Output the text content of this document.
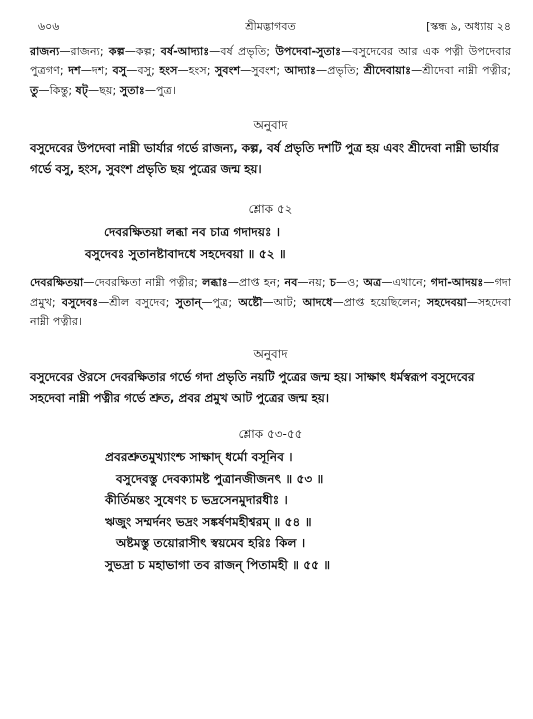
৬০৬	শ্রীমদ্ভাগবত	[স্কন্ধ ৯, অধ্যায় ২৪

রাজন্য—রাজন্য; কল্প—কল্প; বর্ষ-আদ্যাঃ—বর্ষ প্রভৃতি; উপদেবা-সুতাঃ—বসুদেবের আর এক পত্নী উপদেবার পুত্রগণ; দশ—দশ; বসু—বসু; হংস—হংস; সুবংশ—সুবংশ; আদ্যাঃ—প্রভৃতি; শ্রীদেবায়াঃ—শ্রীদেবা নাম্নী পত্নীর; তু—কিন্তু; ষট্—ছয়; সুতাঃ—পুত্র।

অনুবাদ

বসুদেবের উপদেবা নাম্নী ভার্যার গর্ভে রাজন্য, কল্প, বর্ষ প্রভৃতি দশটি পুত্র হয় এবং শ্রীদেবা নাম্নী ভার্যার গর্ভে বসু, হংস, সুবংশ প্রভৃতি ছয় পুত্রের জন্ম হয়।

শ্লোক ৫২

দেবরক্ষিতয়া লব্ধা নব চাত্র গদাদয়ঃ ।
বসুদেবঃ সুতানষ্টাবাদধে সহদেবয়া ॥ ৫২ ॥

দেবরক্ষিতয়া—দেবরক্ষিতা নাম্নী পত্নীর; লব্ধাঃ—প্রাপ্ত হন; নব—নয়; চ—ও; অত্র—এখানে; গদা-আদয়ঃ—গদা প্রমুখ; বসুদেবঃ—শ্রীল বসুদেব; সুতান্—পুত্র; অষ্টৌ—আট; আদধে—প্রাপ্ত হয়েছিলেন; সহদেবয়া—সহদেবা নাম্নী পত্নীর।

অনুবাদ

বসুদেবের ঔরসে দেবরক্ষিতার গর্ভে গদা প্রভৃতি নয়টি পুত্রের জন্ম হয়। সাক্ষাৎ ধর্মস্বরূপ বসুদেবের সহদেবা নাম্নী পত্নীর গর্ভে শ্রুত, প্রবর প্রমুখ আট পুত্রের জন্ম হয়।

শ্লোক ৫৩-৫৫

প্রবরশ্রুতমুখ্যাংশ্চ সাক্ষাদ্ ধর্মো বসূনিব ।
বসুদেবস্তু দেবক্যামষ্ট পুত্রানজীজনৎ ॥ ৫৩ ॥
কীর্তিমন্তং সুষেণং চ ভদ্রসেনমুদারধীঃ ।
ঋজুং সম্মর্দনং ভদ্রং সঙ্কর্ষণমহীশ্বরম্ ॥ ৫৪ ॥
অষ্টমস্তু তয়োরাসীৎ স্বয়মেব হরিঃ কিল ।
সুভদ্রা চ মহাভাগা তব রাজন্ পিতামহী ॥ ৫৫ ॥
